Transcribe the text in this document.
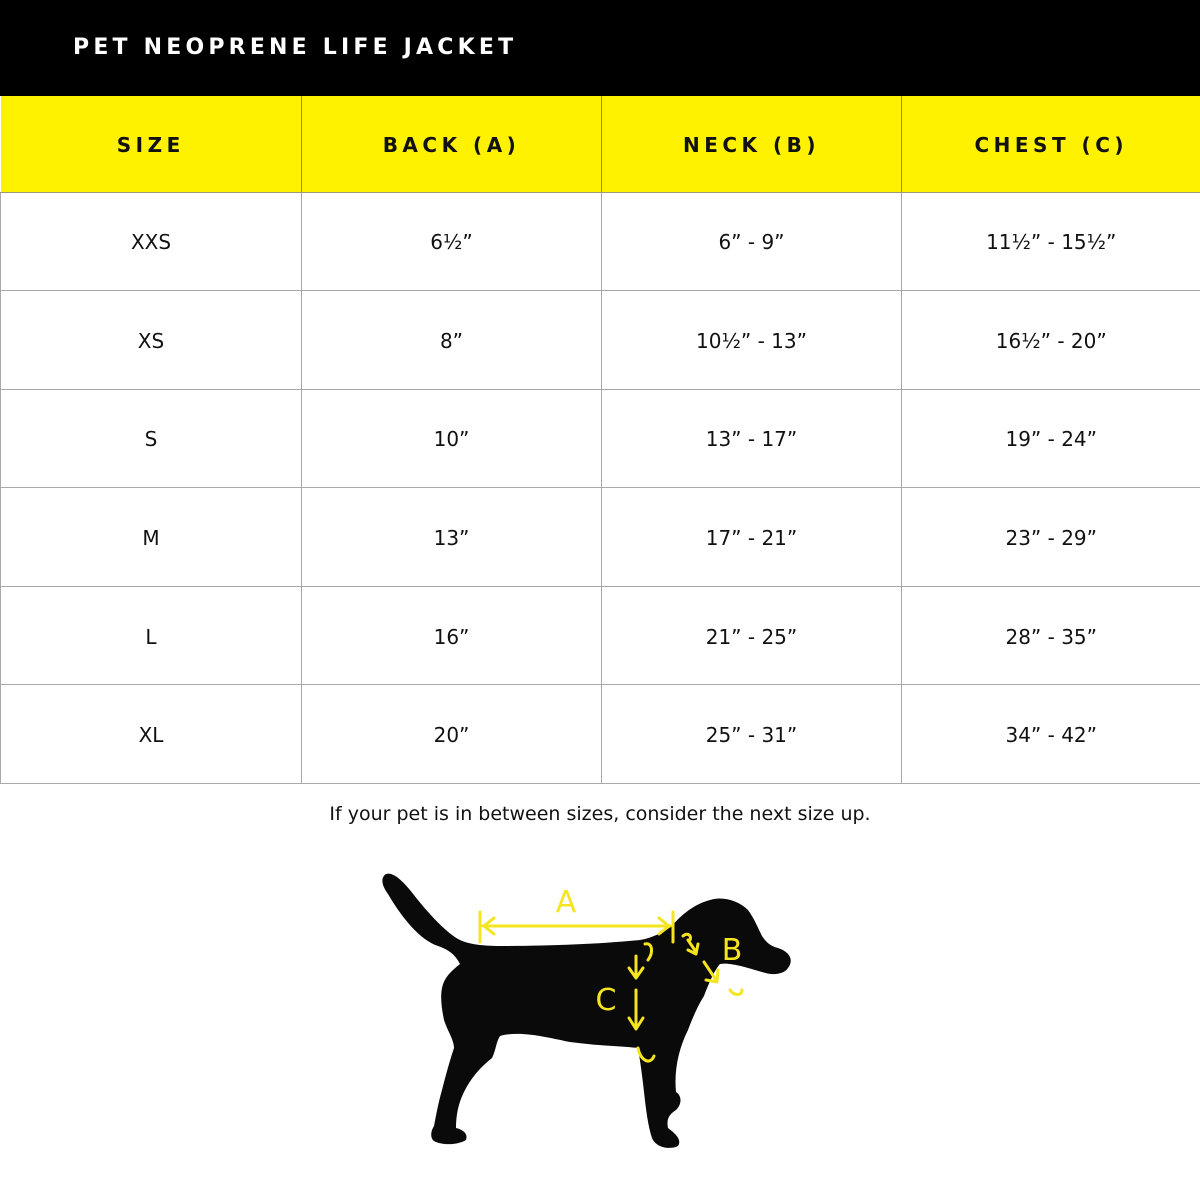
PET NEOPRENE LIFE JACKET
SIZE	BACK (A)	NECK (B)	CHEST (C)
XXS	6½”	6” - 9”	11½” - 15½”
XS	8”	10½” - 13”	16½” - 20”
S	10”	13” - 17”	19” - 24”
M	13”	17” - 21”	23” - 29”
L	16”	21” - 25”	28” - 35”
XL	20”	25” - 31”	34” - 42”
If your pet is in between sizes, consider the next size up.
A
C
B
